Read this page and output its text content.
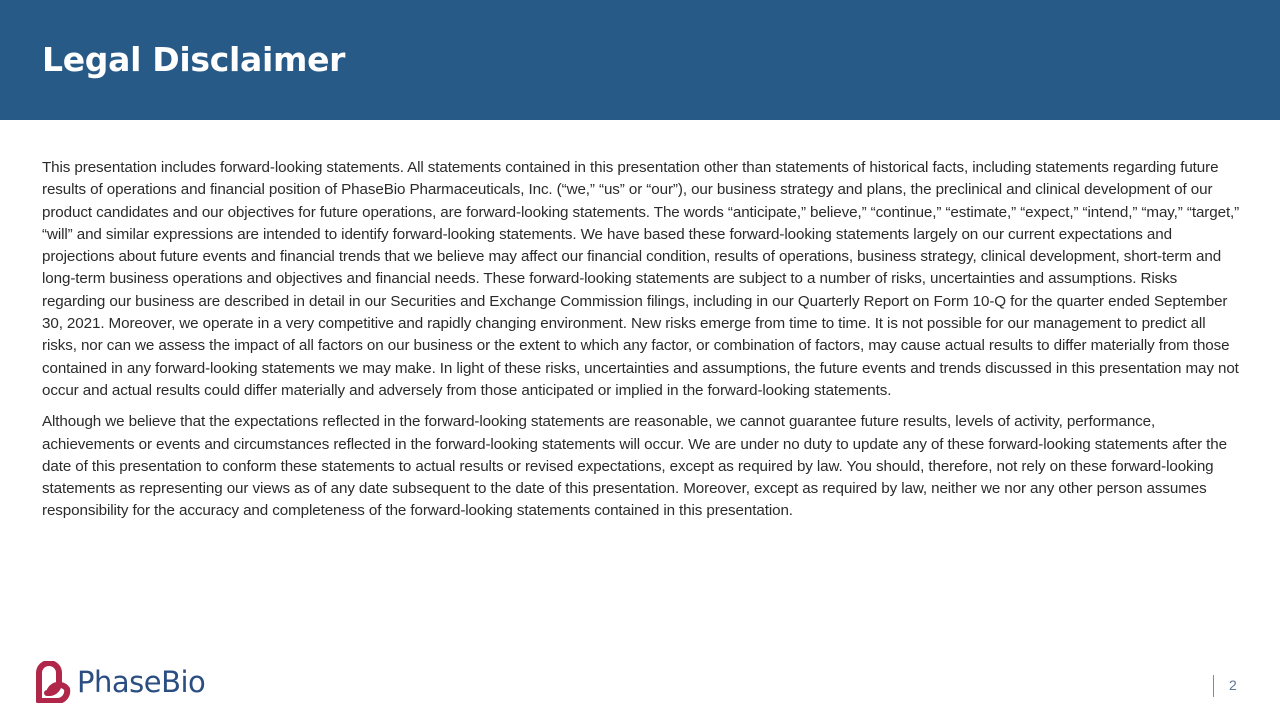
Legal Disclaimer

This presentation includes forward-looking statements. All statements contained in this presentation other than statements of historical facts, including statements regarding future results of operations and financial position of PhaseBio Pharmaceuticals, Inc. (“we,” “us” or “our”), our business strategy and plans, the preclinical and clinical development of our product candidates and our objectives for future operations, are forward-looking statements. The words “anticipate,” believe,” “continue,” “estimate,” “expect,” “intend,” “may,” “target,” “will” and similar expressions are intended to identify forward-looking statements. We have based these forward-looking statements largely on our current expectations and projections about future events and financial trends that we believe may affect our financial condition, results of operations, business strategy, clinical development, short-term and long-term business operations and objectives and financial needs. These forward-looking statements are subject to a number of risks, uncertainties and assumptions. Risks regarding our business are described in detail in our Securities and Exchange Commission filings, including in our Quarterly Report on Form 10-Q for the quarter ended September 30, 2021. Moreover, we operate in a very competitive and rapidly changing environment. New risks emerge from time to time. It is not possible for our management to predict all risks, nor can we assess the impact of all factors on our business or the extent to which any factor, or combination of factors, may cause actual results to differ materially from those contained in any forward-looking statements we may make. In light of these risks, uncertainties and assumptions, the future events and trends discussed in this presentation may not occur and actual results could differ materially and adversely from those anticipated or implied in the forward-looking statements.

Although we believe that the expectations reflected in the forward-looking statements are reasonable, we cannot guarantee future results, levels of activity, performance, achievements or events and circumstances reflected in the forward-looking statements will occur. We are under no duty to update any of these forward-looking statements after the date of this presentation to conform these statements to actual results or revised expectations, except as required by law. You should, therefore, not rely on these forward-looking statements as representing our views as of any date subsequent to the date of this presentation. Moreover, except as required by law, neither we nor any other person assumes responsibility for the accuracy and completeness of the forward-looking statements contained in this presentation.

PhaseBio	2
